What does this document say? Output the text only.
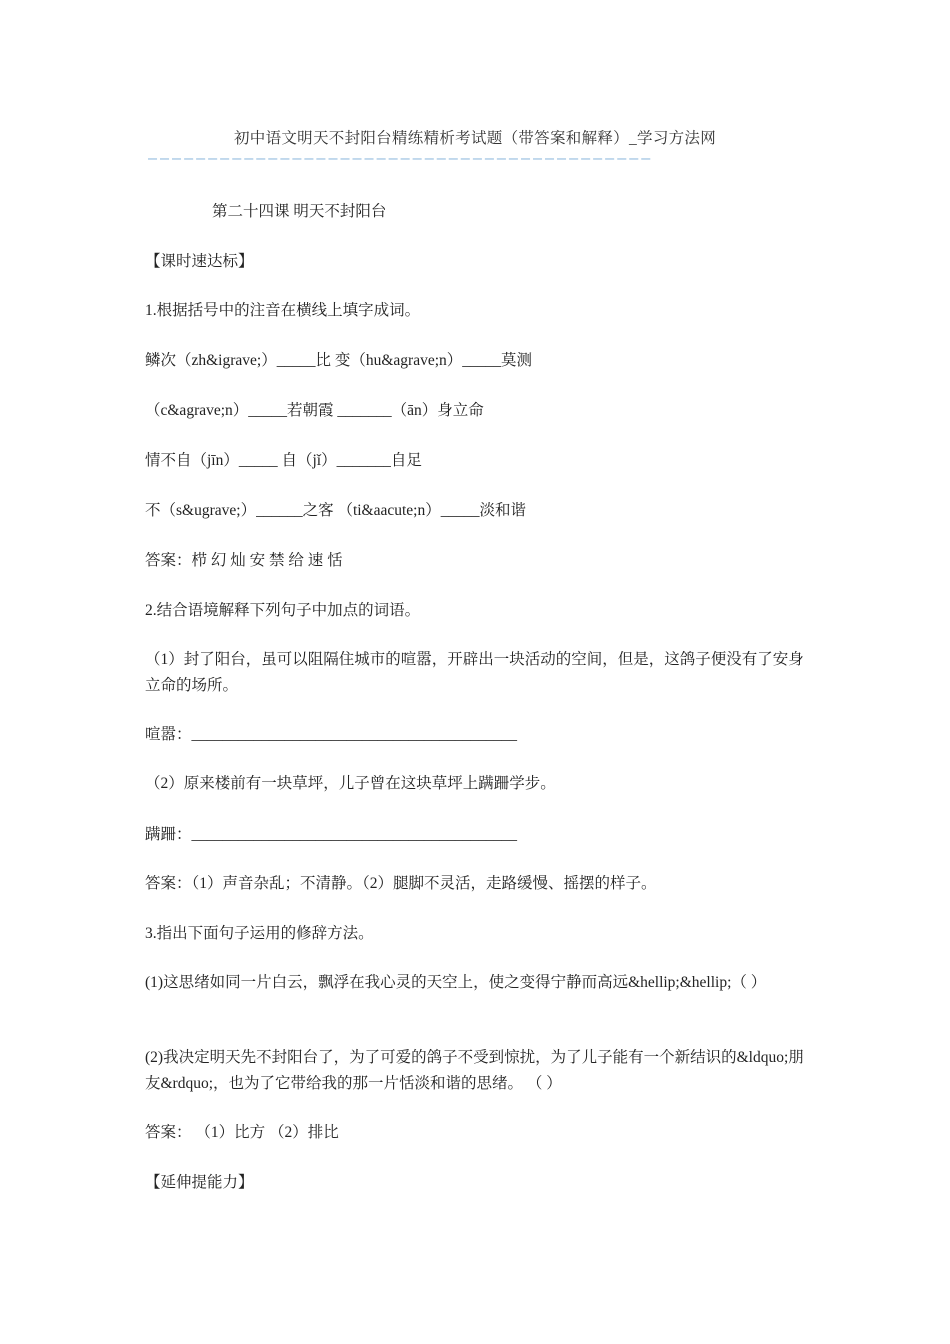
初中语文明天不封阳台精练精析考试题（带答案和解释）_学习方法网
——————————————————————————————————————————
第二十四课 明天不封阳台
【课时速达标】
1.根据括号中的注音在横线上填字成词。
鳞次（zh&igrave;）_____比 变（hu&agrave;n）_____莫测
（c&agrave;n）_____若朝霞 _______（ān）身立命
情不自（jīn）_____ 自（jǐ）_______自足
不（s&ugrave;）______之客 （ti&aacute;n）_____淡和谐
答案：栉 幻 灿 安 禁 给 速 恬
2.结合语境解释下列句子中加点的词语。
（1）封了阳台，虽可以阻隔住城市的喧嚣，开辟出一块活动的空间，但是，这鸽子便没有了安身立命的场所。
喧嚣：__________________________________________
（2）原来楼前有一块草坪，儿子曾在这块草坪上蹒跚学步。
蹒跚：__________________________________________
答案：（1）声音杂乱；不清静。（2）腿脚不灵活，走路缓慢、摇摆的样子。
3.指出下面句子运用的修辞方法。
(1)这思绪如同一片白云，飘浮在我心灵的天空上，使之变得宁静而高远&hellip;&hellip;（ ）
(2)我决定明天先不封阳台了，为了可爱的鸽子不受到惊扰，为了儿子能有一个新结识的&ldquo;朋友&rdquo;，也为了它带给我的那一片恬淡和谐的思绪。 （ ）
答案： （1）比方 （2）排比
【延伸提能力】
